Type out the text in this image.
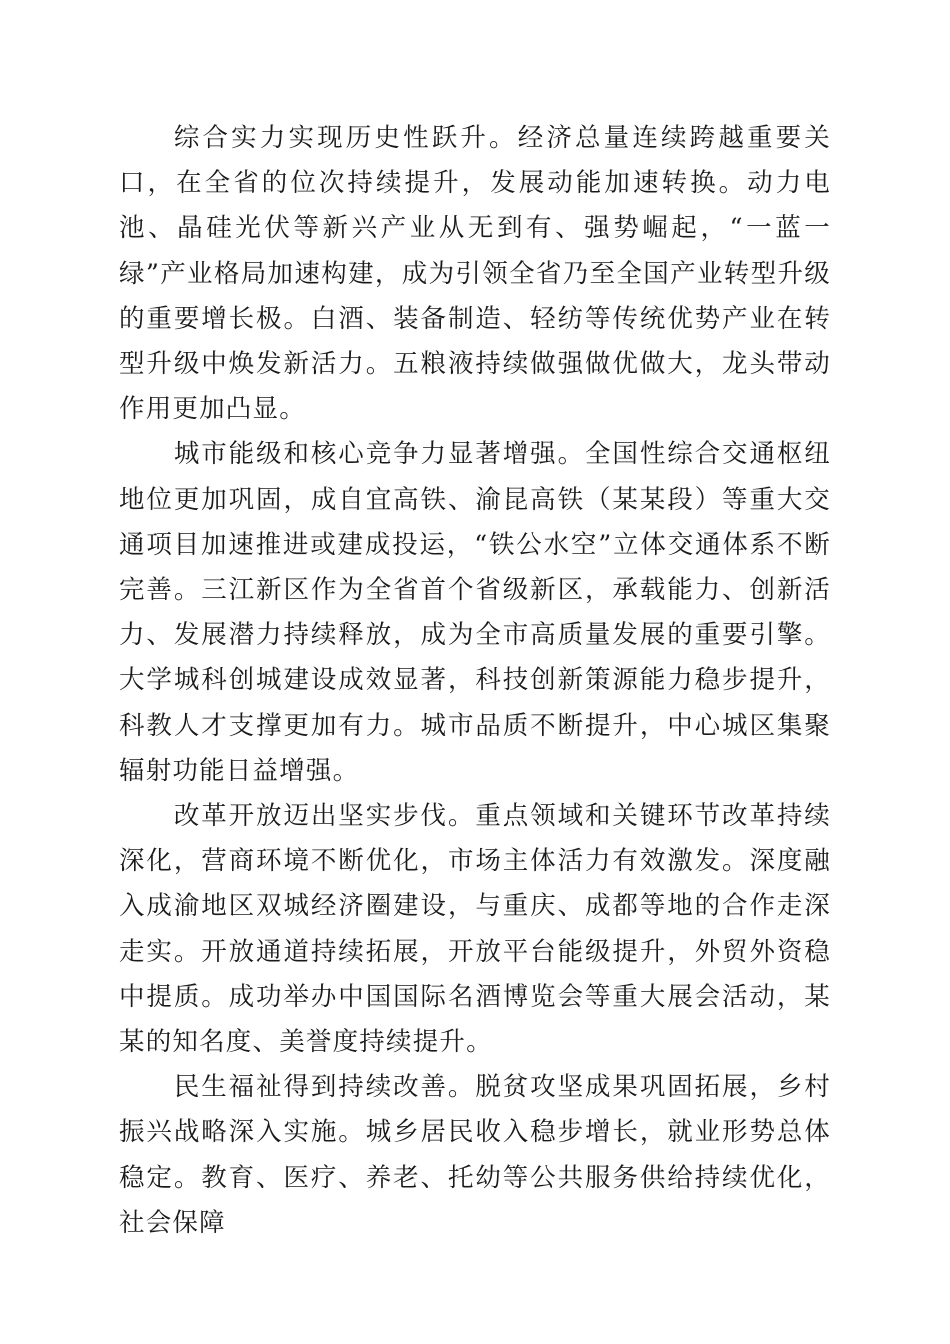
综合实力实现历史性跃升。经济总量连续跨越重要关口，在全省的位次持续提升，发展动能加速转换。动力电池、晶硅光伏等新兴产业从无到有、强势崛起，“一蓝一绿”产业格局加速构建，成为引领全省乃至全国产业转型升级的重要增长极。白酒、装备制造、轻纺等传统优势产业在转型升级中焕发新活力。五粮液持续做强做优做大，龙头带动作用更加凸显。

城市能级和核心竞争力显著增强。全国性综合交通枢纽地位更加巩固，成自宜高铁、渝昆高铁（某某段）等重大交通项目加速推进或建成投运，“铁公水空”立体交通体系不断完善。三江新区作为全省首个省级新区，承载能力、创新活力、发展潜力持续释放，成为全市高质量发展的重要引擎。大学城科创城建设成效显著，科技创新策源能力稳步提升，科教人才支撑更加有力。城市品质不断提升，中心城区集聚辐射功能日益增强。

改革开放迈出坚实步伐。重点领域和关键环节改革持续深化，营商环境不断优化，市场主体活力有效激发。深度融入成渝地区双城经济圈建设，与重庆、成都等地的合作走深走实。开放通道持续拓展，开放平台能级提升，外贸外资稳中提质。成功举办中国国际名酒博览会等重大展会活动，某某的知名度、美誉度持续提升。

民生福祉得到持续改善。脱贫攻坚成果巩固拓展，乡村振兴战略深入实施。城乡居民收入稳步增长，就业形势总体稳定。教育、医疗、养老、托幼等公共服务供给持续优化，社会保障
